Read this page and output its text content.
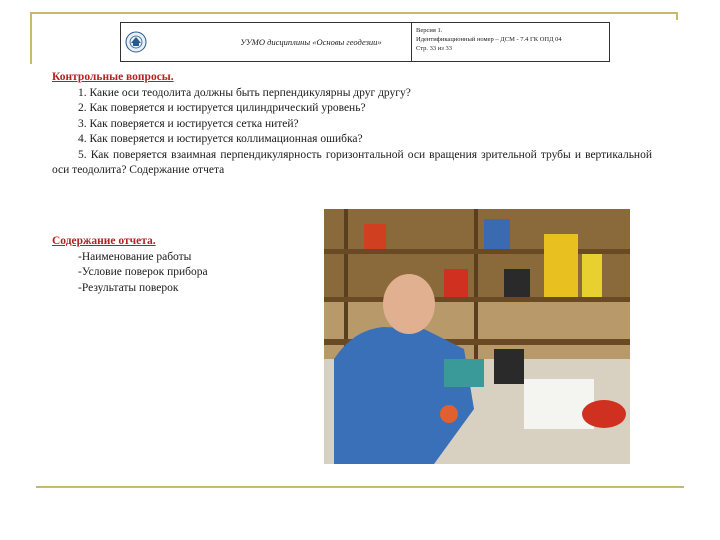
УУМО дисциплины «Основы геодезии»
Версия 1.
Идентификационный номер – ДСМ - 7.4 ГК ОПД 04
Стр. 33 из 33
Контрольные вопросы.
1. Какие оси теодолита должны быть перпендикулярны друг другу?
2. Как поверяется и юстируется цилиндрический уровень?
3. Как поверяется и юстируется сетка нитей?
4. Как поверяется и юстируется коллимационная ошибка?
5. Как поверяется взаимная перпендикулярность горизонтальной оси вращения зрительной трубы и вертикальной оси теодолита? Содержание отчета
Содержание отчета.
-Наименование работы
-Условие поверок прибора
-Результаты поверок
